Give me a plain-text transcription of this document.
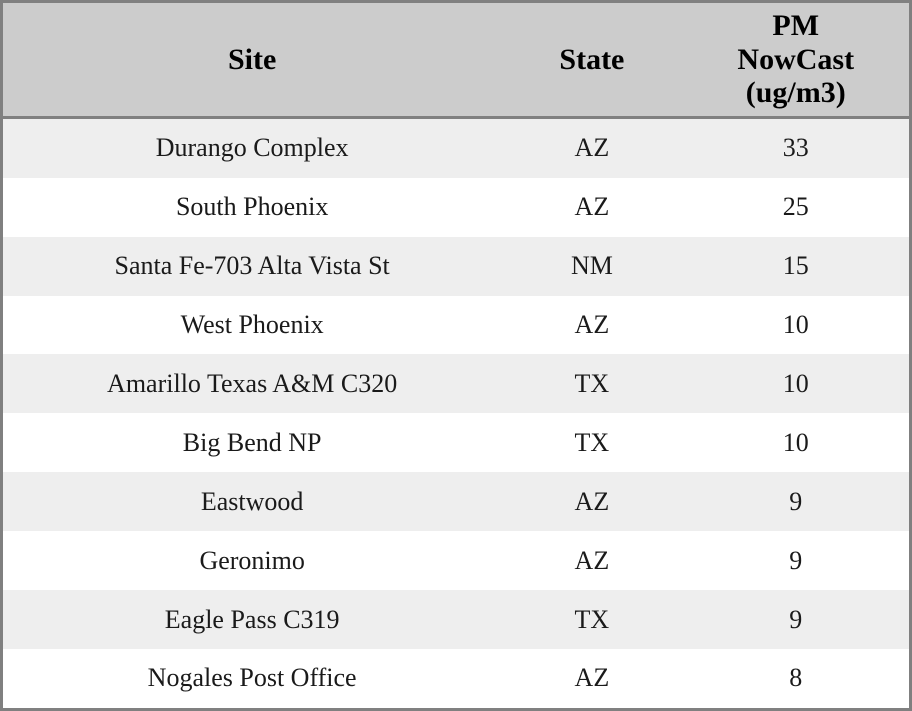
Site	State	PM
NowCast
(ug/m3)

Durango Complex	AZ	33
South Phoenix	AZ	25
Santa Fe-703 Alta Vista St	NM	15
West Phoenix	AZ	10
Amarillo Texas A&M C320	TX	10
Big Bend NP	TX	10
Eastwood	AZ	9
Geronimo	AZ	9
Eagle Pass C319	TX	9
Nogales Post Office	AZ	8
